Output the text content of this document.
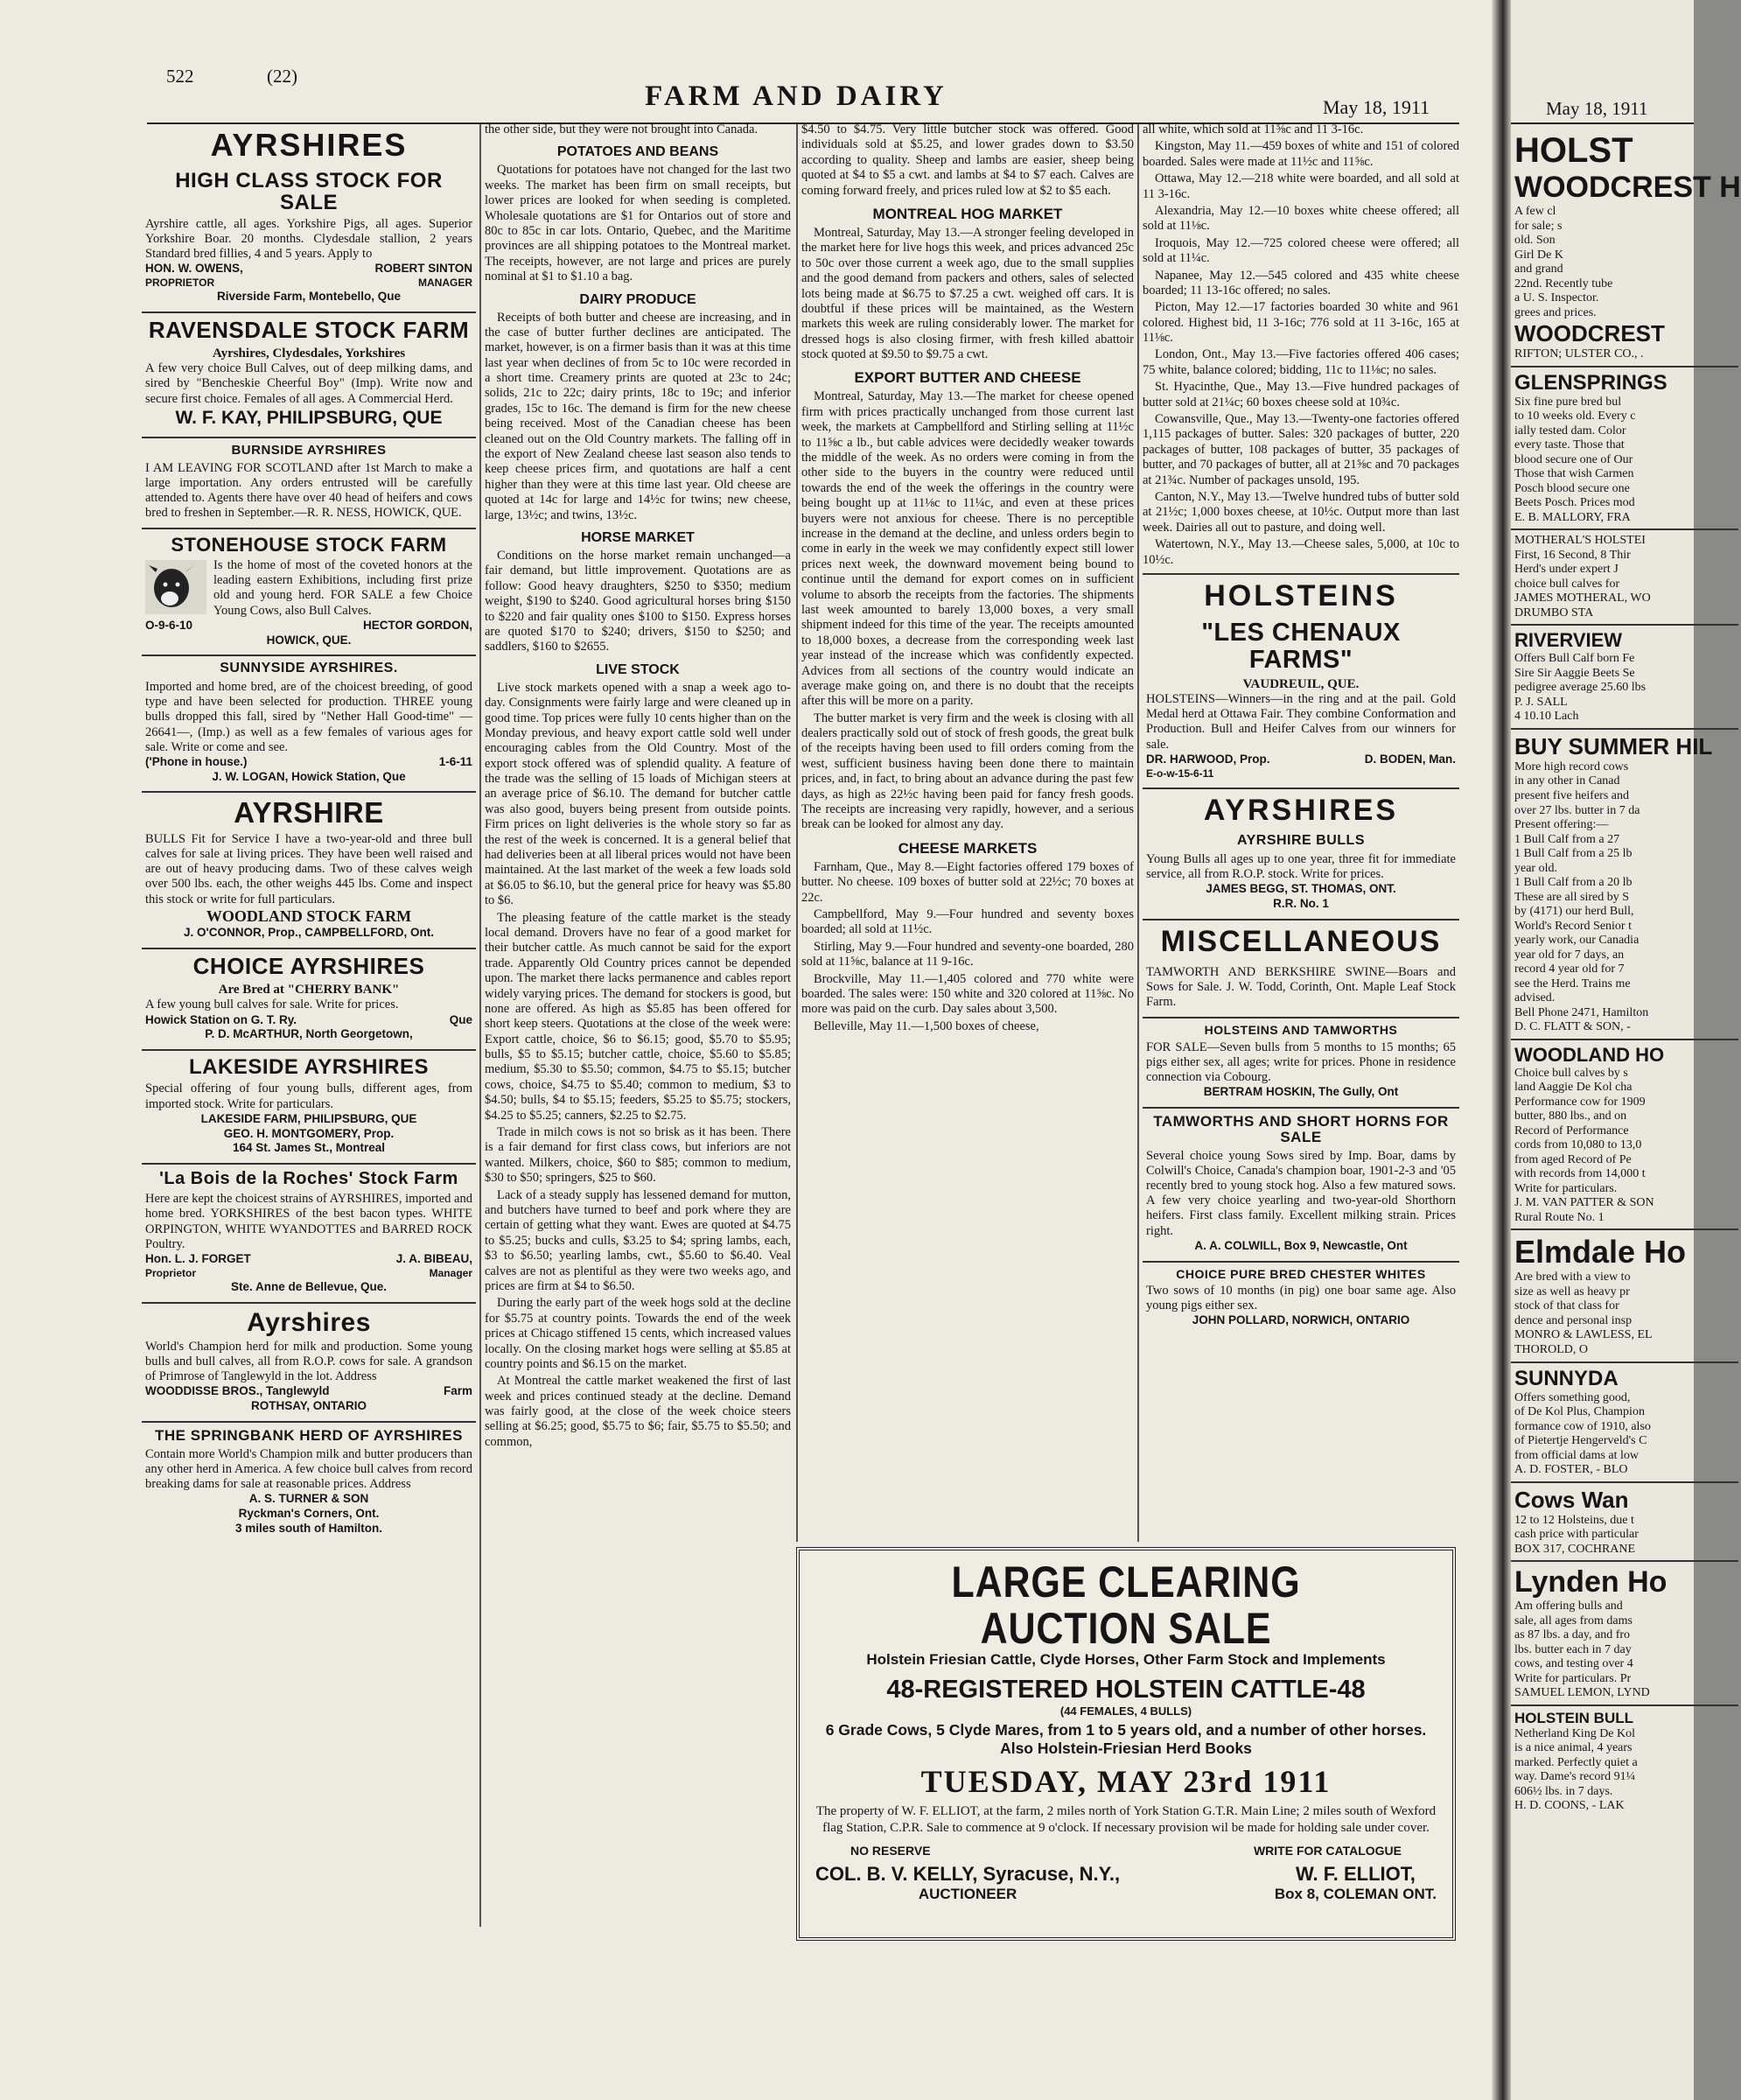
522	(22)
FARM AND DAIRY	May 18, 1911
AYRSHIRES
HIGH CLASS STOCK FOR SALE
Ayrshire cattle, all ages. Yorkshire Pigs, all ages. Superior Yorkshire Boar. 20 months. Clydesdale stallion, 2 years Standard bred fillies, 4 and 5 years. Apply to
HON. W. OWENS,	ROBERT SINTON
PROPRIETOR	MANAGER
Riverside Farm, Montebello, Que
RAVENSDALE STOCK FARM
Ayrshires, Clydesdales, Yorkshires
A few very choice Bull Calves, out of deep milking dams, and sired by "Bencheskie Cheerful Boy" (Imp). Write now and secure first choice. Females of all ages. A Commercial Herd.
W. F. KAY, PHILIPSBURG, QUE
BURNSIDE AYRSHIRES
I AM LEAVING FOR SCOTLAND after 1st March to make a large importation. Any orders entrusted will be carefully attended to. Agents there have over 40 head of heifers and cows bred to freshen in September.—R. R. NESS, HOWICK, QUE.
STONEHOUSE STOCK FARM
Is the home of most of the coveted honors at the leading eastern Exhibitions, including first prize old and young herd. FOR SALE a few Choice Young Cows, also Bull Calves.
O-9-6-10	HECTOR GORDON,
HOWICK, QUE.
SUNNYSIDE AYRSHIRES.
Imported and home bred, are of the choicest breeding, of good type and have been selected for production. THREE young bulls dropped this fall, sired by "Nether Hall Good-time" —26641—, (Imp.) as well as a few females of various ages for sale. Write or come and see.
('Phone in house.)	1-6-11
J. W. LOGAN, Howick Station, Que
AYRSHIRE
BULLS Fit for Service I have a two-year-old and three bull calves for sale at living prices. They have been well raised and are out of heavy producing dams. Two of these calves weigh over 500 lbs. each, the other weighs 445 lbs. Come and inspect this stock or write for full particulars.
WOODLAND STOCK FARM
J. O'CONNOR, Prop., CAMPBELLFORD, Ont.
CHOICE AYRSHIRES
Are Bred at "CHERRY BANK"
A few young bull calves for sale. Write for prices.
Howick Station on G. T. Ry.	Que
P. D. McARTHUR, North Georgetown,
LAKESIDE AYRSHIRES
Special offering of four young bulls, different ages, from imported stock. Write for particulars.
LAKESIDE FARM, PHILIPSBURG, QUE
GEO. H. MONTGOMERY, Prop.
164 St. James St., Montreal
'La Bois de la Roches' Stock Farm
Here are kept the choicest strains of AYRSHIRES, imported and home bred. YORKSHIRES of the best bacon types. WHITE ORPINGTON, WHITE WYANDOTTES and BARRED ROCK Poultry.
Hon. L. J. FORGET	J. A. BIBEAU,
Proprietor	Manager
Ste. Anne de Bellevue, Que.
Ayrshires
World's Champion herd for milk and production. Some young bulls and bull calves, all from R.O.P. cows for sale. A grandson of Primrose of Tanglewyld in the lot. Address
WOODDISSE BROS., Tanglewyld	Farm
ROTHSAY, ONTARIO
THE SPRINGBANK HERD OF AYRSHIRES
Contain more World's Champion milk and butter producers than any other herd in America. A few choice bull calves from record breaking dams for sale at reasonable prices. Address
A. S. TURNER & SON
Ryckman's Corners, Ont.
3 miles south of Hamilton.

the other side, but they were not brought into Canada.

POTATOES AND BEANS

Quotations for potatoes have not changed for the last two weeks. The market has been firm on small receipts, but lower prices are looked for when seeding is completed. Wholesale quotations are $1 for Ontarios out of store and 80c to 85c in car lots. Ontario, Quebec, and the Maritime provinces are all shipping potatoes to the Montreal market. The receipts, however, are not large and prices are purely nominal at $1 to $1.10 a bag.

DAIRY PRODUCE

Receipts of both butter and cheese are increasing, and in the case of butter further declines are anticipated. The market, however, is on a firmer basis than it was at this time last year when declines of from 5c to 10c were recorded in a short time. Creamery prints are quoted at 23c to 24c; solids, 21c to 22c; dairy prints, 18c to 19c; and inferior grades, 15c to 16c. The demand is firm for the new cheese being received. Most of the Canadian cheese has been cleaned out on the Old Country markets. The falling off in the export of New Zealand cheese last season also tends to keep cheese prices firm, and quotations are half a cent higher than they were at this time last year. Old cheese are quoted at 14c for large and 14½c for twins; new cheese, large, 13½c; and twins, 13½c.

HORSE MARKET

Conditions on the horse market remain unchanged—a fair demand, but little improvement. Quotations are as follow: Good heavy draughters, $250 to $350; medium weight, $190 to $240. Good agricultural horses bring $150 to $220 and fair quality ones $100 to $150. Express horses are quoted $170 to $240; drivers, $150 to $250; and saddlers, $160 to $2655.

LIVE STOCK

Live stock markets opened with a snap a week ago to-day. Consignments were fairly large and were cleaned up in good time. Top prices were fully 10 cents higher than on the Monday previous, and heavy export cattle sold well under encouraging cables from the Old Country. Most of the export stock offered was of splendid quality. A feature of the trade was the selling of 15 loads of Michigan steers at an average price of $6.10. The demand for butcher cattle was also good, buyers being present from outside points. Firm prices on light deliveries is the whole story so far as the rest of the week is concerned. It is a general belief that had deliveries been at all liberal prices would not have been maintained. At the last market of the week a few loads sold at $6.05 to $6.10, but the general price for heavy was $5.80 to $6.

The pleasing feature of the cattle market is the steady local demand. Drovers have no fear of a good market for their butcher cattle. As much cannot be said for the export trade. Apparently Old Country prices cannot be depended upon. The market there lacks permanence and cables report widely varying prices. The demand for stockers is good, but none are offered. As high as $5.85 has been offered for short keep steers. Quotations at the close of the week were: Export cattle, choice, $6 to $6.15; good, $5.70 to $5.95; bulls, $5 to $5.15; butcher cattle, choice, $5.60 to $5.85; medium, $5.30 to $5.50; common, $4.75 to $5.15; butcher cows, choice, $4.75 to $5.40; common to medium, $3 to $4.50; bulls, $4 to $5.15; feeders, $5.25 to $5.75; stockers, $4.25 to $5.25; canners, $2.25 to $2.75.

Trade in milch cows is not so brisk as it has been. There is a fair demand for first class cows, but inferiors are not wanted. Milkers, choice, $60 to $85; common to medium, $30 to $50; springers, $25 to $60.

Lack of a steady supply has lessened demand for mutton, and butchers have turned to beef and pork where they are certain of getting what they want. Ewes are quoted at $4.75 to $5.25; bucks and culls, $3.25 to $4; spring lambs, each, $3 to $6.50; yearling lambs, cwt., $5.60 to $6.40. Veal calves are not as plentiful as they were two weeks ago, and prices are firm at $4 to $6.50.

During the early part of the week hogs sold at the decline for $5.75 at country points. Towards the end of the week prices at Chicago stiffened 15 cents, which increased values locally. On the closing market hogs were selling at $5.85 at country points and $6.15 on the market.

At Montreal the cattle market weakened the first of last week and prices continued steady at the decline. Demand was fairly good, at the close of the week choice steers selling at $6.25; good, $5.75 to $6; fair, $5.75 to $5.50; and common,

$4.50 to $4.75. Very little butcher stock was offered. Good individuals sold at $5.25, and lower grades down to $3.50 according to quality. Sheep and lambs are easier, sheep being quoted at $4 to $5 a cwt. and lambs at $4 to $7 each. Calves are coming forward freely, and prices ruled low at $2 to $5 each.

MONTREAL HOG MARKET

Montreal, Saturday, May 13.—A stronger feeling developed in the market here for live hogs this week, and prices advanced 25c to 50c over those current a week ago, due to the small supplies and the good demand from packers and others, sales of selected lots being made at $6.75 to $7.25 a cwt. weighed off cars. It is doubtful if these prices will be maintained, as the Western markets this week are ruling considerably lower. The market for dressed hogs is also closing firmer, with fresh killed abattoir stock quoted at $9.50 to $9.75 a cwt.

EXPORT BUTTER AND CHEESE

Montreal, Saturday, May 13.—The market for cheese opened firm with prices practically unchanged from those current last week, the markets at Campbellford and Stirling selling at 11½c to 11⅝c a lb., but cable advices were decidedly weaker towards the middle of the week. As no orders were coming in from the other side to the buyers in the country were reduced until towards the end of the week the offerings in the country were being bought up at 11⅛c to 11¼c, and even at these prices buyers were not anxious for cheese. There is no perceptible increase in the demand at the decline, and unless orders begin to come in early in the week we may confidently expect still lower prices next week, the downward movement being bound to continue until the demand for export comes on in sufficient volume to absorb the receipts from the factories. The shipments last week amounted to barely 13,000 boxes, a very small shipment indeed for this time of the year. The receipts amounted to 18,000 boxes, a decrease from the corresponding week last year instead of the increase which was confidently expected. Advices from all sections of the country would indicate an average make going on, and there is no doubt that the receipts after this will be more on a parity.

The butter market is very firm and the week is closing with all dealers practically sold out of stock of fresh goods, the great bulk of the receipts having been used to fill orders coming from the west, sufficient business having been done there to maintain prices, and, in fact, to bring about an advance during the past few days, as high as 22½c having been paid for fancy fresh goods. The receipts are increasing very rapidly, however, and a serious break can be looked for almost any day.

CHEESE MARKETS

Farnham, Que., May 8.—Eight factories offered 179 boxes of butter. No cheese. 109 boxes of butter sold at 22½c; 70 boxes at 22c.

Campbellford, May 9.—Four hundred and seventy boxes boarded; all sold at 11½c.

Stirling, May 9.—Four hundred and seventy-one boarded, 280 sold at 11⅝c, balance at 11 9-16c.

Brockville, May 11.—1,405 colored and 770 white were boarded. The sales were: 150 white and 320 colored at 11⅝c. No more was paid on the curb. Day sales about 3,500.

Belleville, May 11.—1,500 boxes of cheese,

all white, which sold at 11⅝c and 11 3-16c.

Kingston, May 11.—459 boxes of white and 151 of colored boarded. Sales were made at 11½c and 11⅝c.

Ottawa, May 12.—218 white were boarded, and all sold at 11 3-16c.

Alexandria, May 12.—10 boxes white cheese offered; all sold at 11⅛c.

Iroquois, May 12.—725 colored cheese were offered; all sold at 11¼c.

Napanee, May 12.—545 colored and 435 white cheese boarded; 11 13-16c offered; no sales.

Picton, May 12.—17 factories boarded 30 white and 961 colored. Highest bid, 11 3-16c; 776 sold at 11 3-16c, 165 at 11⅛c.

London, Ont., May 13.—Five factories offered 406 cases; 75 white, balance colored; bidding, 11c to 11⅛c; no sales.

St. Hyacinthe, Que., May 13.—Five hundred packages of butter sold at 21¼c; 60 boxes cheese sold at 10¾c.

Cowansville, Que., May 13.—Twenty-one factories offered 1,115 packages of butter. Sales: 320 packages of butter, 220 packages of butter, 108 packages of butter, 35 packages of butter, and 70 packages of butter, all at 21⅝c and 70 packages at 21¾c. Number of packages unsold, 195.

Canton, N.Y., May 13.—Twelve hundred tubs of butter sold at 21½c; 1,000 boxes cheese, at 10½c. Output more than last week. Dairies all out to pasture, and doing well.

Watertown, N.Y., May 13.—Cheese sales, 5,000, at 10c to 10½c.

HOLSTEINS
"LES CHENAUX FARMS"
VAUDREUIL, QUE.
HOLSTEINS—Winners—in the ring and at the pail. Gold Medal herd at Ottawa Fair. They combine Conformation and Production. Bull and Heifer Calves from our winners for sale.
DR. HARWOOD, Prop.	D. BODEN, Man.
E-o-w-15-6-11
AYRSHIRES
AYRSHIRE BULLS
Young Bulls all ages up to one year, three fit for immediate service, all from R.O.P. stock. Write for prices.
JAMES BEGG, ST. THOMAS, ONT.
R.R. No. 1
MISCELLANEOUS
TAMWORTH AND BERKSHIRE SWINE—Boars and Sows for Sale. J. W. Todd, Corinth, Ont. Maple Leaf Stock Farm.
HOLSTEINS AND TAMWORTHS
FOR SALE—Seven bulls from 5 months to 15 months; 65 pigs either sex, all ages; write for prices. Phone in residence connection via Cobourg.
BERTRAM HOSKIN, The Gully, Ont
TAMWORTHS AND SHORT HORNS FOR SALE
Several choice young Sows sired by Imp. Boar, dams by Colwill's Choice, Canada's champion boar, 1901-2-3 and '05 recently bred to young stock hog. Also a few matured sows. A few very choice yearling and two-year-old Shorthorn heifers. First class family. Excellent milking strain. Prices right.
A. A. COLWILL, Box 9, Newcastle, Ont
CHOICE PURE BRED CHESTER WHITES
Two sows of 10 months (in pig) one boar same age. Also young pigs either sex.
JOHN POLLARD, NORWICH, ONTARIO
LARGE CLEARING AUCTION SALE
Holstein Friesian Cattle, Clyde Horses, Other Farm Stock and Implements
48-REGISTERED HOLSTEIN CATTLE-48
(44 FEMALES, 4 BULLS)
6 Grade Cows, 5 Clyde Mares, from 1 to 5 years old, and a number of other horses. Also Holstein-Friesian Herd Books
TUESDAY, MAY 23rd 1911
The property of W. F. ELLIOT, at the farm, 2 miles north of York Station G.T.R. Main Line; 2 miles south of Wexford flag Station, C.P.R. Sale to commence at 9 o'clock. If necessary provision wil be made for holding sale under cover.
NO RESERVE	WRITE FOR CATALOGUE
COL. B. V. KELLY, Syracuse, N.Y.,
AUCTIONEER
W. F. ELLIOT,
Box 8, COLEMAN ONT.
May 18, 1911
HOLST
WOODCREST H
A few cl
for sale; s
old. Son
Girl De K
and grand
22nd. Recently tube
a U. S. Inspector.
grees and prices.
WOODCREST
RIFTON; ULSTER CO., .
GLENSPRINGS
Six fine pure bred bul
to 10 weeks old. Every c
ially tested dam. Color
every taste. Those that
blood secure one of Our
Those that wish Carmen
Posch blood secure one
Beets Posch. Prices mod
E. B. MALLORY, FRA
MOTHERAL'S HOLSTEI
First, 16 Second, 8 Thir
Herd's under expert J
choice bull calves for
JAMES MOTHERAL, WO
DRUMBO STA
RIVERVIEW
Offers Bull Calf born Fe
Sire Sir Aaggie Beets Se
pedigree average 25.60 lbs
P. J. SALL
4 10.10 Lach
BUY SUMMER HIL
More high record cows
in any other in Canad
present five heifers and
over 27 lbs. butter in 7 da
Present offering:—
1 Bull Calf from a 27
1 Bull Calf from a 25 lb
year old.
1 Bull Calf from a 20 lb
These are all sired by S
by (4171) our herd Bull,
World's Record Senior t
yearly work, our Canadia
year old for 7 days, an
record 4 year old for 7
see the Herd. Trains me
advised.
Bell Phone 2471, Hamilton
D. C. FLATT & SON, -
WOODLAND HO
Choice bull calves by s
land Aaggie De Kol cha
Performance cow for 1909
butter, 880 lbs., and on
Record of Performance
cords from 10,080 to 13,0
from aged Record of Pe
with records from 14,000 t
Write for particulars.
J. M. VAN PATTER & SON
Rural Route No. 1
Elmdale Ho
Are bred with a view to
size as well as heavy pr
stock of that class for
dence and personal insp
MONRO & LAWLESS, EL
THOROLD, O
SUNNYDA
Offers something good,
of De Kol Plus, Champion
formance cow of 1910, also
of Pietertje Hengerveld's C
from official dams at low
A. D. FOSTER, - BLO
Cows Wan
12 to 12 Holsteins, due t
cash price with particular
BOX 317, COCHRANE
Lynden Ho
Am offering bulls and
sale, all ages from dams
as 87 lbs. a day, and fro
lbs. butter each in 7 day
cows, and testing over 4
Write for particulars. Pr
SAMUEL LEMON, LYND
HOLSTEIN BULL
Netherland King De Kol
is a nice animal, 4 years
marked. Perfectly quiet a
way. Dame's record 91¼
606½ lbs. in 7 days.
H. D. COONS, - LAK
